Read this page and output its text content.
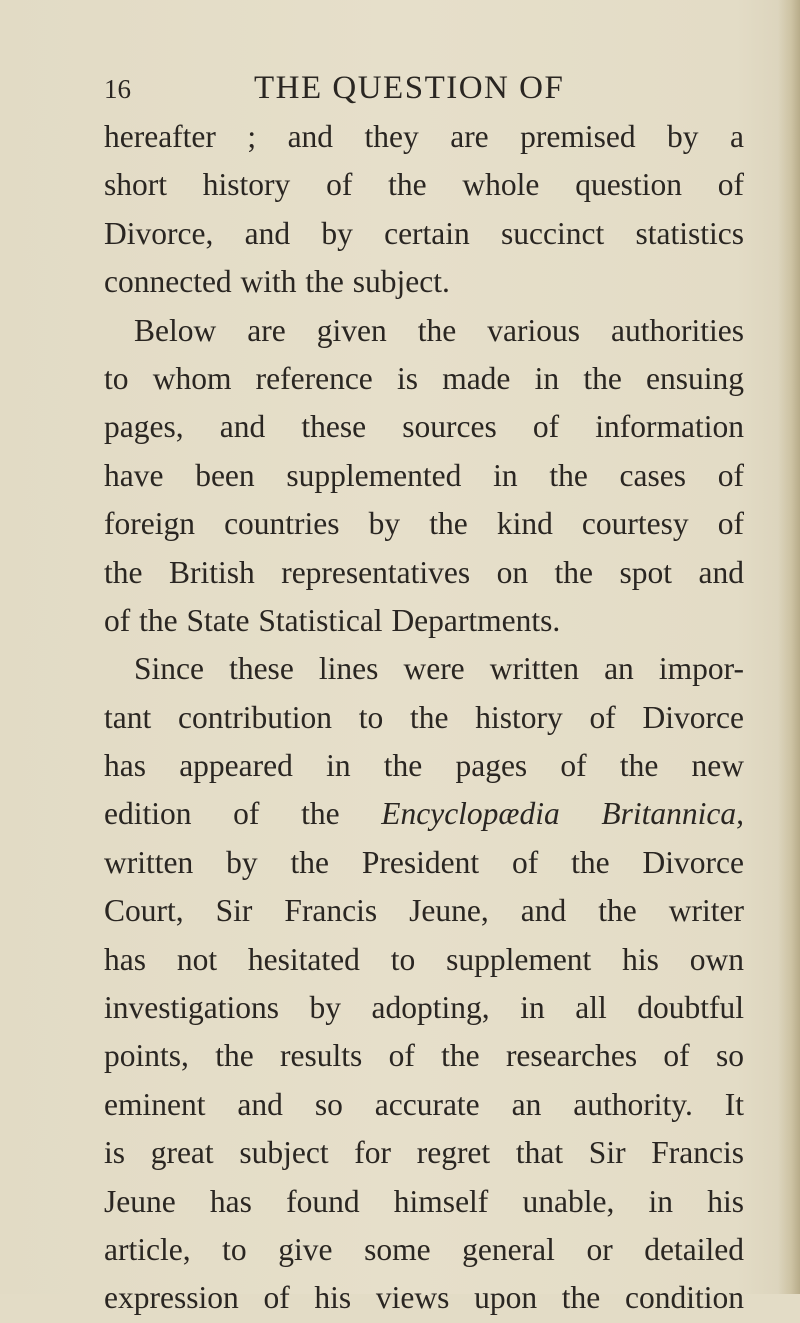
16	THE QUESTION OF
hereafter ; and they are premised by a
short history of the whole question of
Divorce, and by certain succinct statistics
connected with the subject.
Below are given the various authorities
to whom reference is made in the ensuing
pages, and these sources of information
have been supplemented in the cases of
foreign countries by the kind courtesy of
the British representatives on the spot and
of the State Statistical Departments.
Since these lines were written an impor-
tant contribution to the history of Divorce
has appeared in the pages of the new
edition of the Encyclopædia Britannica,
written by the President of the Divorce
Court, Sir Francis Jeune, and the writer
has not hesitated to supplement his own
investigations by adopting, in all doubtful
points, the results of the researches of so
eminent and so accurate an authority. It
is great subject for regret that Sir Francis
Jeune has found himself unable, in his
article, to give some general or detailed
expression of his views upon the condition
